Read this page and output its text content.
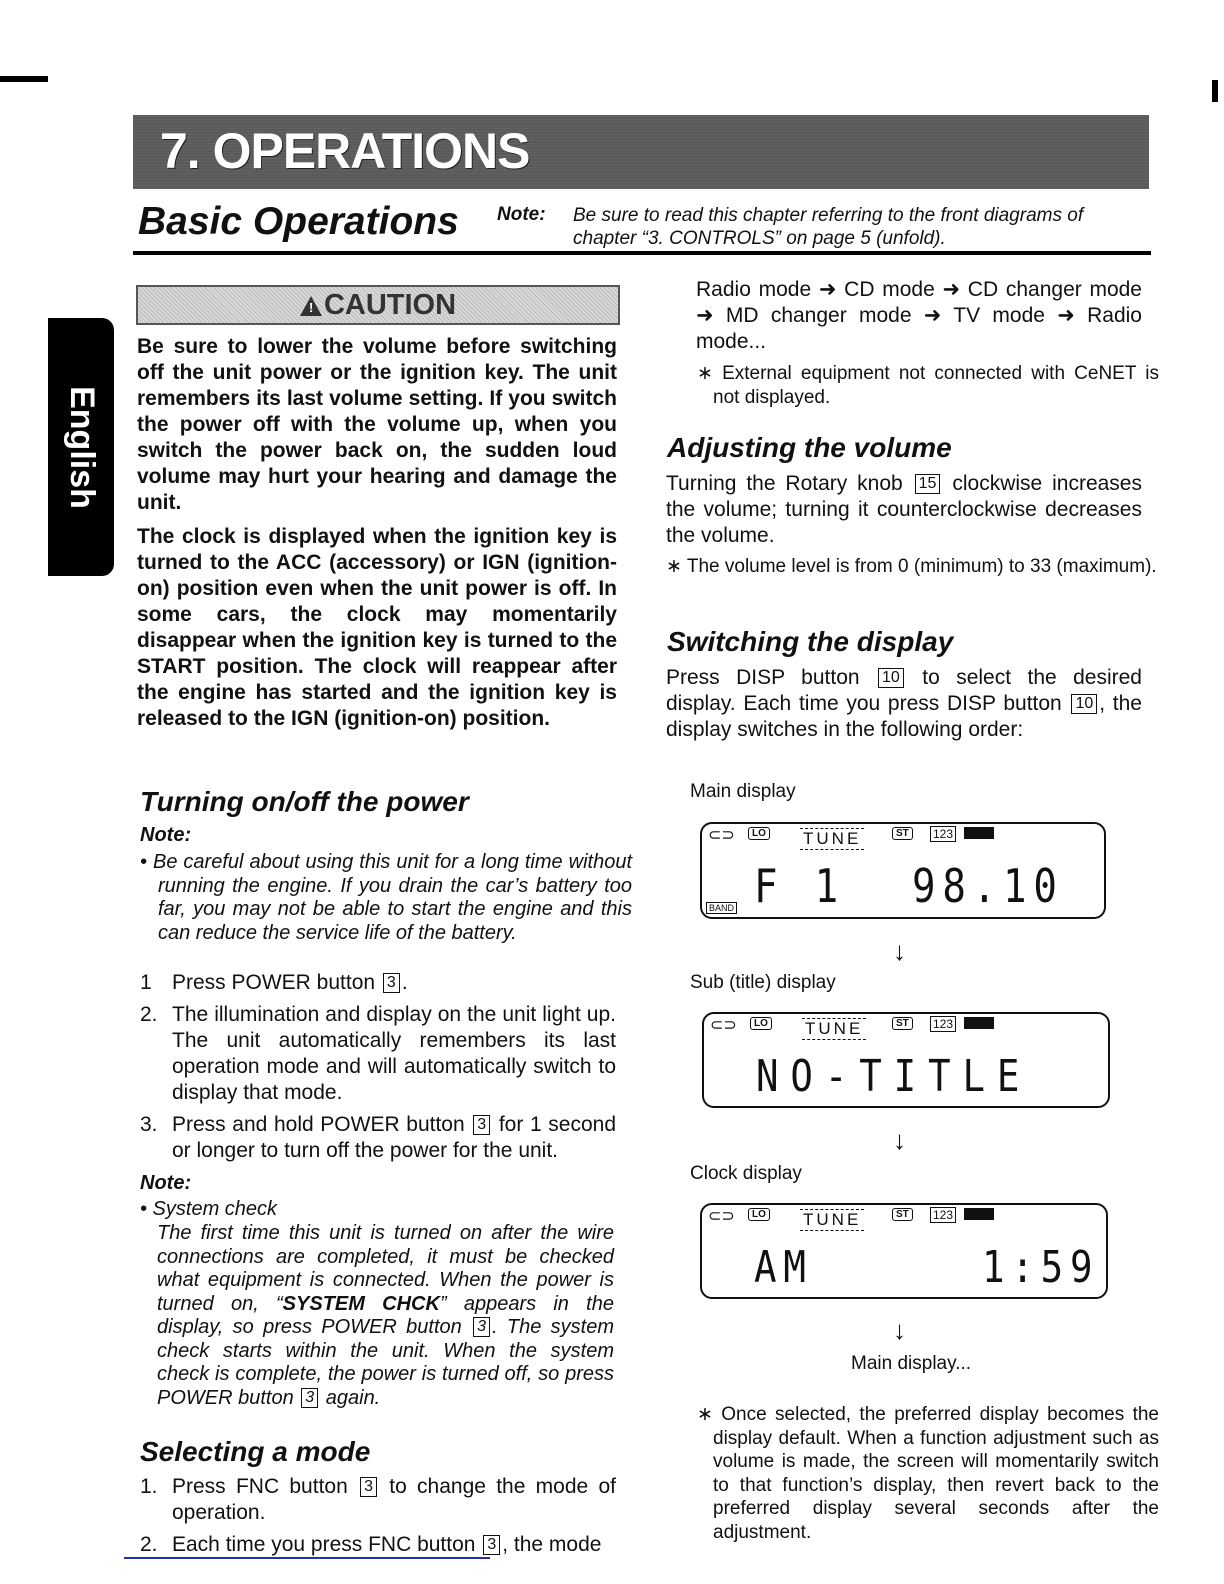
7. OPERATIONS
Basic Operations Note: Be sure to read this chapter referring to the front diagrams of
chapter “3. CONTROLS” on page 5 (unfold).
English
! CAUTION
Be sure to lower the volume before switching off the unit power or the ignition key. The unit remembers its last volume setting. If you switch the power off with the volume up, when you switch the power back on, the sudden loud volume may hurt your hearing and damage the unit.
The clock is displayed when the ignition key is turned to the ACC (accessory) or IGN (ignition-on) position even when the unit power is off. In some cars, the clock may momentarily disappear when the ignition key is turned to the START position. The clock will reappear after the engine has started and the ignition key is released to the IGN (ignition-on) position.
Turning on/off the power
Note:
• Be careful about using this unit for a long time without running the engine. If you drain the car’s battery too far, you may not be able to start the engine and this can reduce the service life of the battery.
1 Press POWER button 3 .
2. The illumination and display on the unit light up. The unit automatically remembers its last operation mode and will automatically switch to display that mode.
3. Press and hold POWER button 3 for 1 second or longer to turn off the power for the unit.
Note:
• System check
The first time this unit is turned on after the wire connections are completed, it must be checked what equipment is connected. When the power is turned on, “SYSTEM CHCK” appears in the display, so press POWER button 3 . The system check starts within the unit. When the system check is complete, the power is turned off, so press POWER button 3 again.
Selecting a mode
1. Press FNC button 3 to change the mode of operation.
2. Each time you press FNC button 3 , the mode
Radio mode ➜ CD mode ➜ CD changer mode ➜ MD changer mode ➜ TV mode ➜ Radio mode...
∗ External equipment not connected with CeNET is not displayed.
Adjusting the volume
Turning the Rotary knob 15 clockwise increases the volume; turning it counterclockwise decreases the volume.
∗ The volume level is from 0 (minimum) to 33 (maximum).
Switching the display
Press DISP button 10 to select the desired display. Each time you press DISP button 10 , the display switches in the following order:
Main display
⊂⊃	LO TUNE	ST	123
BAND F 1 98.10
↓
Sub (title) display
⊂⊃	LO TUNE	ST	123
NO-TITLE
↓
Clock display
⊂⊃	LO TUNE	ST	123
AM	1:59
↓
Main display...
∗ Once selected, the preferred display becomes the display default. When a function adjustment such as volume is made, the screen will momentarily switch to that function’s display, then revert back to the preferred display several seconds after the adjustment.
